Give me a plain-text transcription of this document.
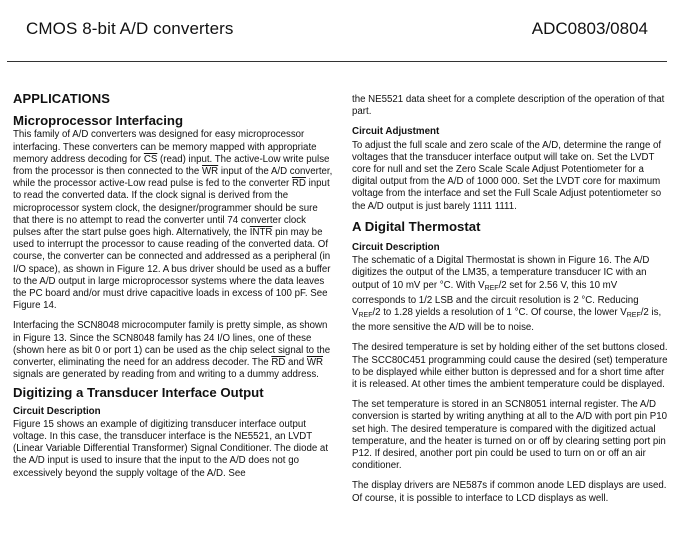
CMOS 8-bit A/D converters	ADC0803/0804
APPLICATIONS
Microprocessor Interfacing

This family of A/D converters was designed for easy microprocessor interfacing. These converters can be memory mapped with appropriate memory address decoding for $\overline{CS}$ (read) input. The active-Low write pulse from the processor is then connected to the $\overline{WR}$ input of the A/D converter, while the processor active-Low read pulse is fed to the converter $\overline{RD}$ input to read the converted data. If the clock signal is derived from the microprocessor system clock, the designer/programmer should be sure that there is no attempt to read the converter until 74 converter clock pulses after the start pulse goes high. Alternatively, the INTR pin may be used to interrupt the processor to cause reading of the converted data. Of course, the converter can be connected and addressed as a peripheral (in I/O space), as shown in Figure 12. A bus driver should be used as a buffer to the A/D output in large microprocessor systems where the data leaves the PC board and/or must drive capacitive loads in excess of 100 pF. See Figure 14.

Interfacing the SCN8048 microcomputer family is pretty simple, as shown in Figure 13. Since the SCN8048 family has 24 I/O lines, one of these (shown here as bit 0 or port 1) can be used as the chip select signal to the converter, eliminating the need for an address decoder. The $\overline{RD}$ and $\overline{WR}$ signals are generated by reading from and writing to a dummy address.

Digitizing a Transducer Interface Output
Circuit Description

Figure 15 shows an example of digitizing transducer interface output voltage. In this case, the transducer interface is the NE5521, an LVDT (Linear Variable Differential Transformer) Signal Conditioner. The diode at the A/D input is used to insure that the input to the A/D does not go excessively beyond the supply voltage of the A/D. See

the NE5521 data sheet for a complete description of the operation of that part.

Circuit Adjustment

To adjust the full scale and zero scale of the A/D, determine the range of voltages that the transducer interface output will take on. Set the LVDT core for null and set the Zero Scale Scale Adjust Potentiometer for a digital output from the A/D of 1000 000. Set the LVDT core for maximum voltage from the interface and set the Full Scale Adjust potentiometer so the A/D output is just barely 1111 1111.

A Digital Thermostat
Circuit Description

The schematic of a Digital Thermostat is shown in Figure 16. The A/D digitizes the output of the LM35, a temperature transducer IC with an output of 10 mV per °C. With $V_{REF}/2$ set for 2.56 V, this 10 mV corresponds to 1/2 LSB and the circuit resolution is 2 °C. Reducing $V_{REF}/2$ to 1.28 yields a resolution of 1 °C. Of course, the lower $V_{REF}/2$ is, the more sensitive the A/D will be to noise.

The desired temperature is set by holding either of the set buttons closed. The SCC80C451 programming could cause the desired (set) temperature to be displayed while either button is depressed and for a short time after it is released. At other times the ambient temperature could be displayed.

The set temperature is stored in an SCN8051 internal register. The A/D conversion is started by writing anything at all to the A/D with port pin P10 set high. The desired temperature is compared with the digitized actual temperature, and the heater is turned on or off by clearing setting port pin P12. If desired, another port pin could be used to turn on or off an air conditioner.

The display drivers are NE587s if common anode LED displays are used. Of course, it is possible to interface to LCD displays as well.
